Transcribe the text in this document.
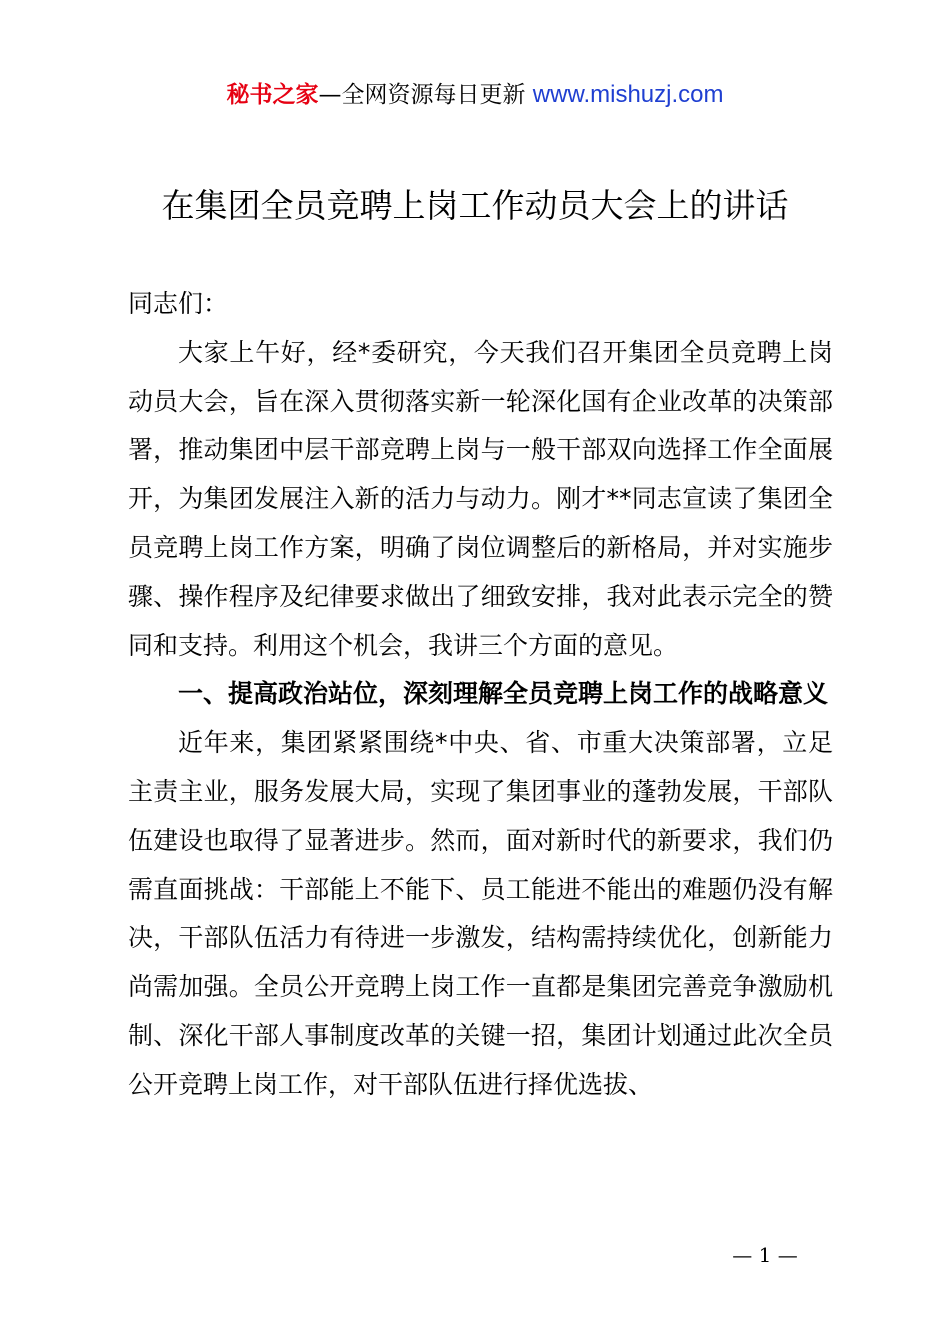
秘书之家—全网资源每日更新 www.mishuzj.com
在集团全员竞聘上岗工作动员大会上的讲话

同志们：

大家上午好，经*委研究，今天我们召开集团全员竞聘上岗动员大会，旨在深入贯彻落实新一轮深化国有企业改革的决策部署，推动集团中层干部竞聘上岗与一般干部双向选择工作全面展开，为集团发展注入新的活力与动力。刚才**同志宣读了集团全员竞聘上岗工作方案，明确了岗位调整后的新格局，并对实施步骤、操作程序及纪律要求做出了细致安排，我对此表示完全的赞同和支持。利用这个机会，我讲三个方面的意见。

一、提高政治站位，深刻理解全员竞聘上岗工作的战略意义

近年来，集团紧紧围绕*中央、省、市重大决策部署，立足主责主业，服务发展大局，实现了集团事业的蓬勃发展，干部队伍建设也取得了显著进步。然而，面对新时代的新要求，我们仍需直面挑战：干部能上不能下、员工能进不能出的难题仍没有解决，干部队伍活力有待进一步激发，结构需持续优化，创新能力尚需加强。全员公开竞聘上岗工作一直都是集团完善竞争激励机制、深化干部人事制度改革的关键一招，集团计划通过此次全员公开竞聘上岗工作，对干部队伍进行择优选拔、

— 1 —
